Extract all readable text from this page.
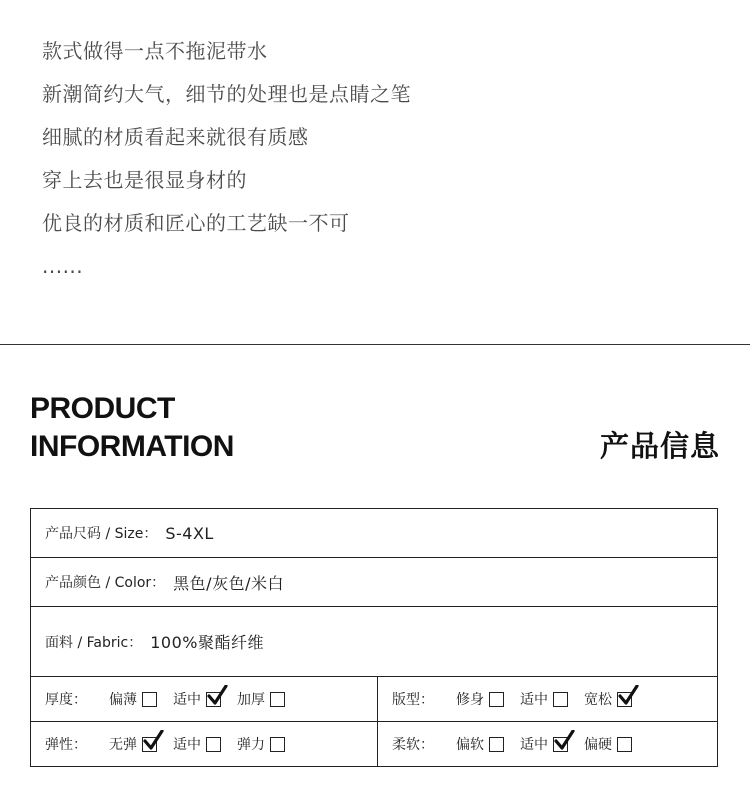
款式做得一点不拖泥带水
新潮简约大气，细节的处理也是点睛之笔
细腻的材质看起来就很有质感
穿上去也是很显身材的
优良的材质和匠心的工艺缺一不可
......
PRODUCT
INFORMATION	产品信息
产品尺码 / Size： S-4XL
产品颜色 / Color： 黑色/灰色/米白
面料 / Fabric： 100%聚酯纤维
厚度：	偏薄	适中	加厚	版型：	修身	适中	宽松
弹性：	无弹	适中	弹力	柔软：	偏软	适中	偏硬
